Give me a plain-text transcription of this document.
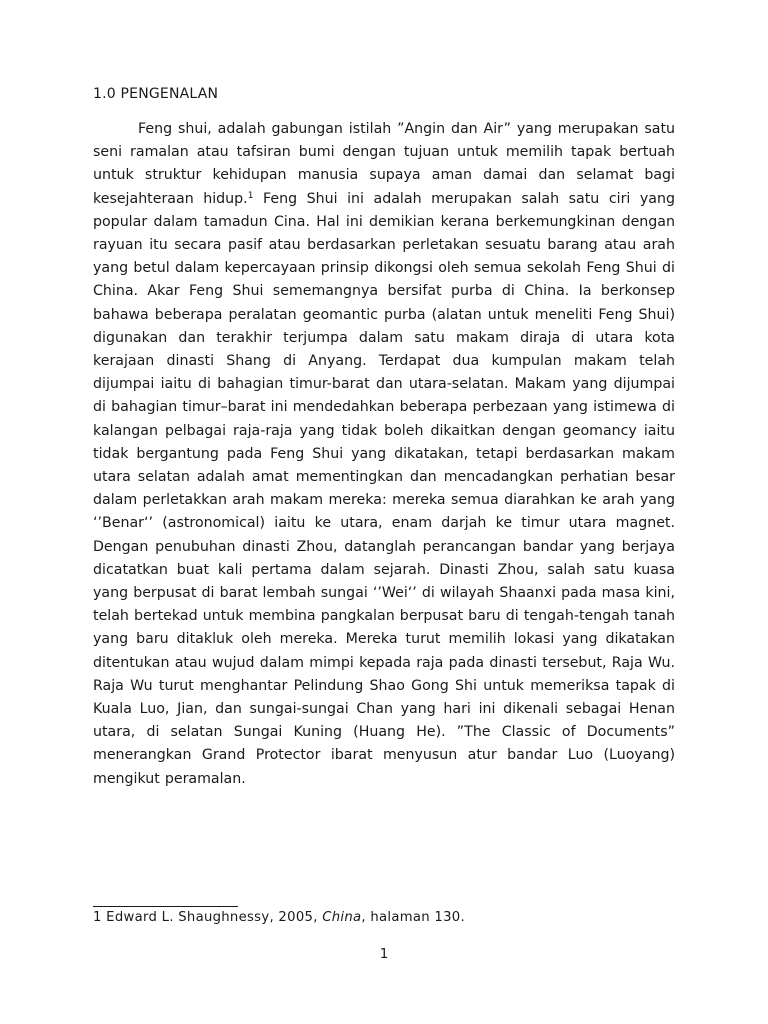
1.0 PENGENALAN
Feng shui, adalah gabungan istilah ”Angin dan Air” yang merupakan satu seni ramalan atau tafsiran bumi dengan tujuan untuk memilih tapak bertuah untuk struktur kehidupan manusia supaya aman damai dan selamat bagi kesejahteraan hidup.$^1$ Feng Shui ini adalah merupakan salah satu ciri yang popular dalam tamadun Cina. Hal ini demikian kerana berkemungkinan dengan rayuan itu secara pasif atau berdasarkan perletakan sesuatu barang atau arah yang betul dalam kepercayaan prinsip dikongsi oleh semua sekolah Feng Shui di China. Akar Feng Shui sememangnya bersifat purba di China. Ia berkonsep bahawa beberapa peralatan geomantic purba (alatan untuk meneliti Feng Shui) digunakan dan terakhir terjumpa dalam satu makam diraja di utara kota kerajaan dinasti Shang di Anyang. Terdapat dua kumpulan makam telah dijumpai iaitu di bahagian timur-barat dan utara-selatan. Makam yang dijumpai di bahagian timur–barat ini mendedahkan beberapa perbezaan yang istimewa di kalangan pelbagai raja-raja yang tidak boleh dikaitkan dengan geomancy iaitu tidak bergantung pada Feng Shui yang dikatakan, tetapi berdasarkan makam utara selatan adalah amat mementingkan dan mencadangkan perhatian besar dalam perletakkan arah makam mereka: mereka semua diarahkan ke arah yang ‘’Benar‘’ (astronomical) iaitu ke utara, enam darjah ke timur utara magnet. Dengan penubuhan dinasti Zhou, datanglah perancangan bandar yang berjaya dicatatkan buat kali pertama dalam sejarah. Dinasti Zhou, salah satu kuasa yang berpusat di barat lembah sungai ‘’Wei‘’ di wilayah Shaanxi pada masa kini, telah bertekad untuk membina pangkalan berpusat baru di tengah-tengah tanah yang baru ditakluk oleh mereka. Mereka turut memilih lokasi yang dikatakan ditentukan atau wujud dalam mimpi kepada raja pada dinasti tersebut, Raja Wu. Raja Wu turut menghantar Pelindung Shao Gong Shi untuk memeriksa tapak di Kuala Luo, Jian, dan sungai-sungai Chan yang hari ini dikenali sebagai Henan utara, di selatan Sungai Kuning (Huang He). ”The Classic of Documents” menerangkan Grand Protector ibarat menyusun atur bandar Luo (Luoyang) mengikut peramalan.
1 Edward L. Shaughnessy, 2005, China, halaman 130.
1
